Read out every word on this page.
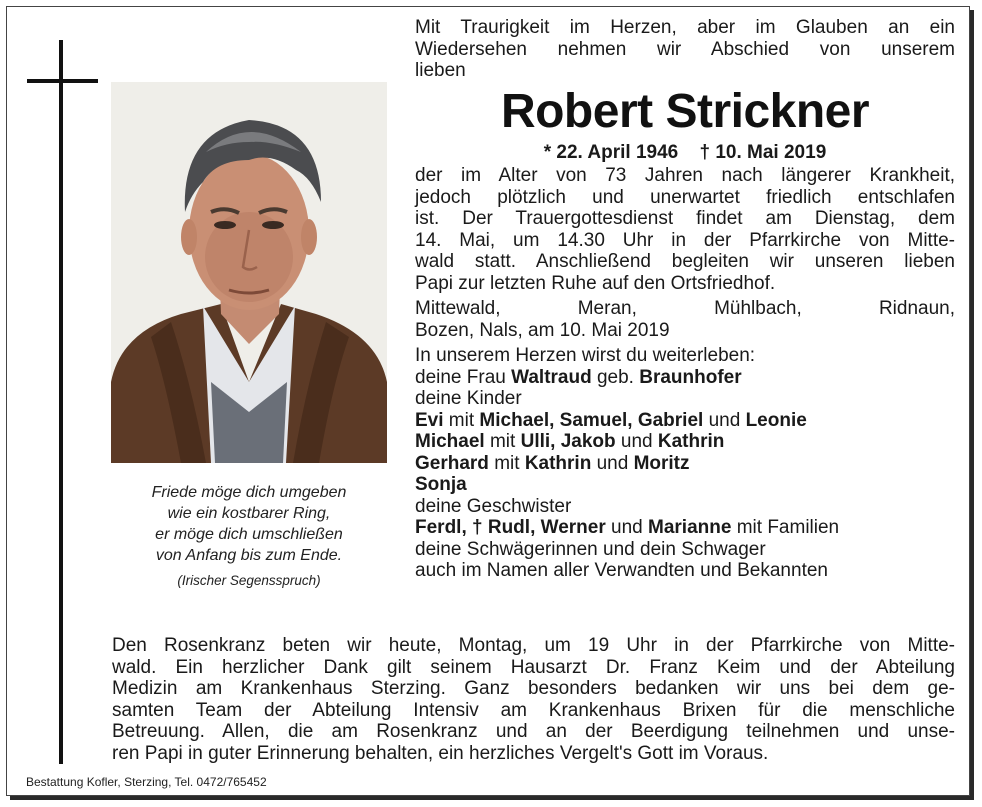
Friede möge dich umgeben
wie ein kostbarer Ring,
er möge dich umschließen
von Anfang bis zum Ende.
(Irischer Segensspruch)
Mit Traurigkeit im Herzen, aber im Glauben an ein
Wiedersehen nehmen wir Abschied von unserem
lieben
Robert Strickner
* 22. April 1946 † 10. Mai 2019
der im Alter von 73 Jahren nach längerer Krankheit,
jedoch plötzlich und unerwartet friedlich entschlafen
ist. Der Trauergottesdienst findet am Dienstag, dem
14. Mai, um 14.30 Uhr in der Pfarrkirche von Mitte-
wald statt. Anschließend begleiten wir unseren lieben
Papi zur letzten Ruhe auf den Ortsfriedhof.
Mittewald, Meran, Mühlbach, Ridnaun,
Bozen, Nals, am 10. Mai 2019
In unserem Herzen wirst du weiterleben:
deine Frau Waltraud geb. Braunhofer
deine Kinder
Evi mit Michael, Samuel, Gabriel und Leonie
Michael mit Ulli, Jakob und Kathrin
Gerhard mit Kathrin und Moritz
Sonja
deine Geschwister
Ferdl, † Rudl, Werner und Marianne mit Familien
deine Schwägerinnen und dein Schwager
auch im Namen aller Verwandten und Bekannten
Den Rosenkranz beten wir heute, Montag, um 19 Uhr in der Pfarrkirche von Mitte-
wald. Ein herzlicher Dank gilt seinem Hausarzt Dr. Franz Keim und der Abteilung
Medizin am Krankenhaus Sterzing. Ganz besonders bedanken wir uns bei dem ge-
samten Team der Abteilung Intensiv am Krankenhaus Brixen für die menschliche
Betreuung. Allen, die am Rosenkranz und an der Beerdigung teilnehmen und unse-
ren Papi in guter Erinnerung behalten, ein herzliches Vergelt's Gott im Voraus.
Bestattung Kofler, Sterzing, Tel. 0472/765452
